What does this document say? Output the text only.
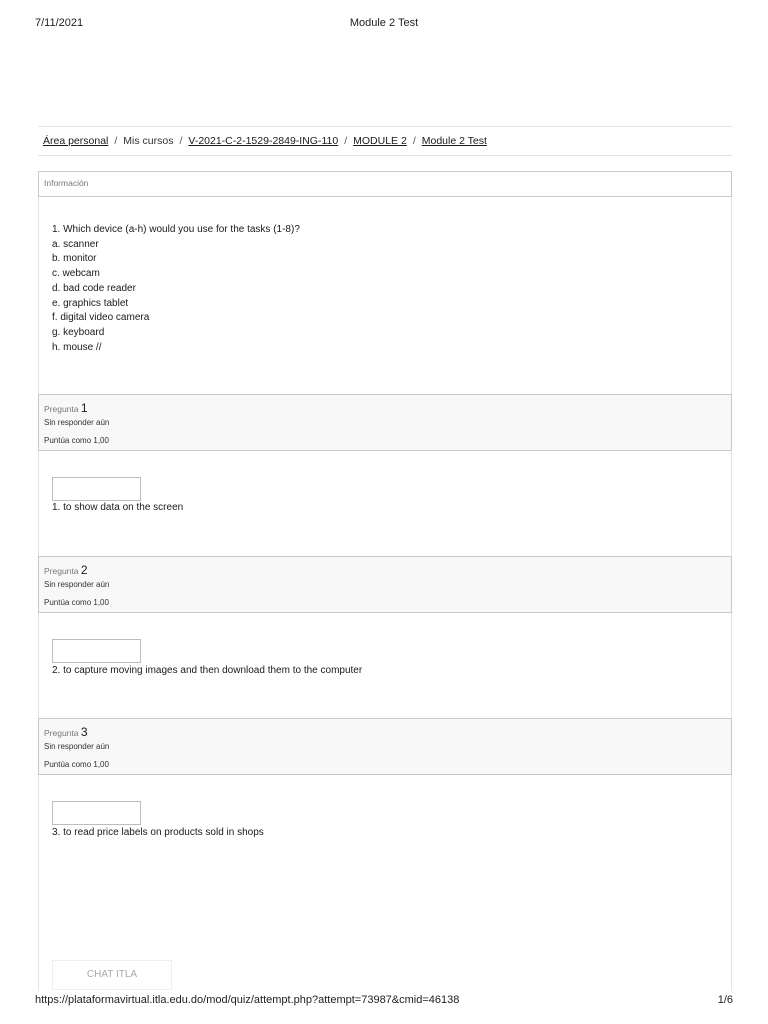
7/11/2021	Module 2 Test
Área personal / Mis cursos / V-2021-C-2-1529-2849-ING-110 / MODULE 2 / Module 2 Test
Información
1. Which device (a-h) would you use for the tasks (1-8)?
a. scanner
b. monitor
c. webcam
d. bad code reader
e. graphics tablet
f. digital video camera
g. keyboard
h. mouse //
Pregunta 1
Sin responder aún
Puntúa como 1,00
1. to show data on the screen
Pregunta 2
Sin responder aún
Puntúa como 1,00
2. to capture moving images and then download them to the computer
Pregunta 3
Sin responder aún
Puntúa como 1,00
3. to read price labels on products sold in shops
CHAT ITLA
https://plataformavirtual.itla.edu.do/mod/quiz/attempt.php?attempt=73987&cmid=46138	1/6
